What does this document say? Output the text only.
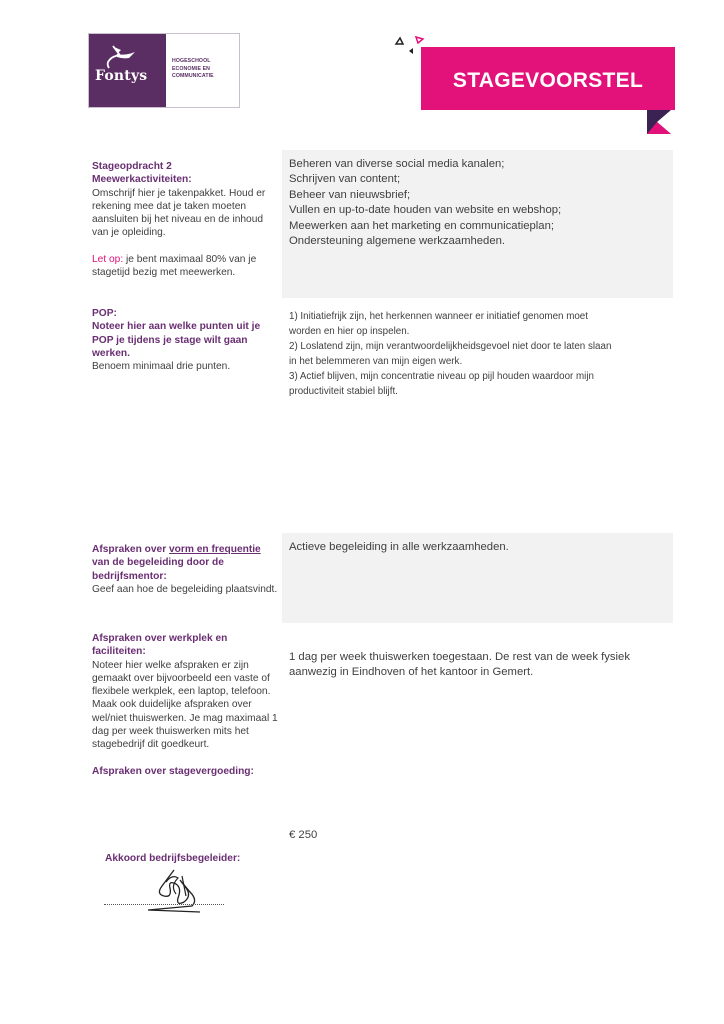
Fontys
HOGESCHOOL
ECONOMIE EN
COMMUNICATIE	STAGEVOORSTEL

Stageopdracht 2

Meewerkactiviteiten:

Omschrijf hier je takenpakket. Houd er rekening mee dat je taken moeten aansluiten bij het niveau en de inhoud van je opleiding.

Let op: je bent maximaal 80% van je stagetijd bezig met meewerken.

Beheren van diverse social media kanalen;
Schrijven van content;
Beheer van nieuwsbrief;
Vullen en up-to-date houden van website en webshop;
Meewerken aan het marketing en communicatieplan;
Ondersteuning algemene werkzaamheden.

POP:

Noteer hier aan welke punten uit je POP je tijdens je stage wilt gaan werken.

Benoem minimaal drie punten.

1) Initiatiefrijk zijn, het herkennen wanneer er initiatief genomen moet
worden en hier op inspelen.
2) Loslatend zijn, mijn verantwoordelijkheidsgevoel niet door te laten slaan
in het belemmeren van mijn eigen werk.
3) Actief blijven, mijn concentratie niveau op pijl houden waardoor mijn
productiviteit stabiel blijft.

Afspraken over vorm en frequentie van de begeleiding door de bedrijfsmentor:

Geef aan hoe de begeleiding plaatsvindt.

Actieve begeleiding in alle werkzaamheden.

Afspraken over werkplek en faciliteiten:

Noteer hier welke afspraken er zijn gemaakt over bijvoorbeeld een vaste of flexibele werkplek, een laptop, telefoon. Maak ook duidelijke afspraken over wel/niet thuiswerken. Je mag maximaal 1 dag per week thuiswerken mits het stagebedrijf dit goedkeurt.

Afspraken over stagevergoeding:

1 dag per week thuiswerken toegestaan. De rest van de week fysiek
aanwezig in Eindhoven of het kantoor in Gemert.
€ 250
Akkoord bedrijfsbegeleider:
